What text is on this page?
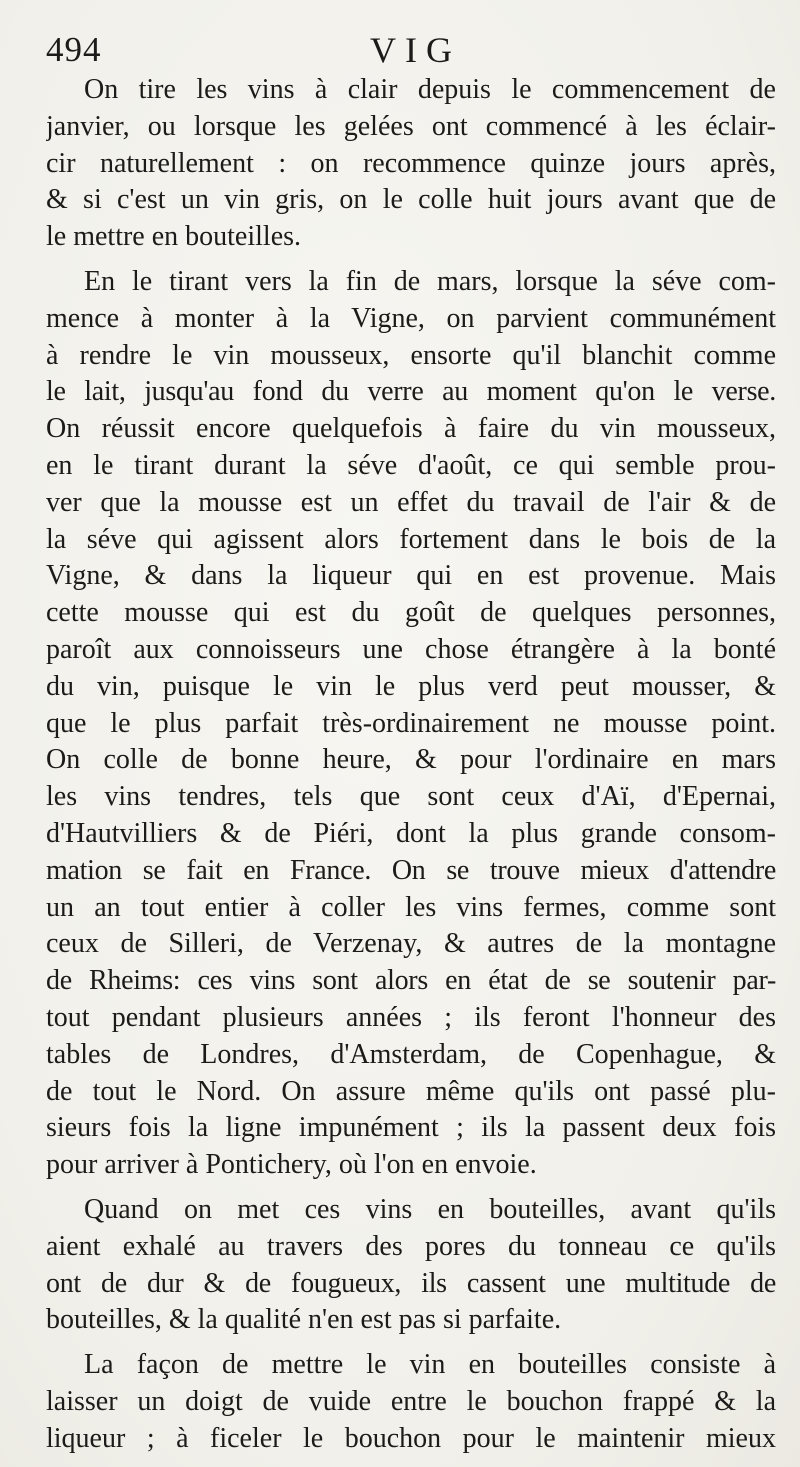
494	VIG

On tire les vins à clair depuis le commencement de
janvier, ou lorsque les gelées ont commencé à les éclair-
cir naturellement : on recommence quinze jours après,
& si c'est un vin gris, on le colle huit jours avant que de
le mettre en bouteilles.

En le tirant vers la fin de mars, lorsque la séve com-
mence à monter à la Vigne, on parvient communément
à rendre le vin mousseux, ensorte qu'il blanchit comme
le lait, jusqu'au fond du verre au moment qu'on le verse.
On réussit encore quelquefois à faire du vin mousseux,
en le tirant durant la séve d'août, ce qui semble prou-
ver que la mousse est un effet du travail de l'air & de
la séve qui agissent alors fortement dans le bois de la
Vigne, & dans la liqueur qui en est provenue. Mais
cette mousse qui est du goût de quelques personnes,
paroît aux connoisseurs une chose étrangère à la bonté
du vin, puisque le vin le plus verd peut mousser, &
que le plus parfait très-ordinairement ne mousse point.
On colle de bonne heure, & pour l'ordinaire en mars
les vins tendres, tels que sont ceux d'Aï, d'Epernai,
d'Hautvilliers & de Piéri, dont la plus grande consom-
mation se fait en France. On se trouve mieux d'attendre
un an tout entier à coller les vins fermes, comme sont
ceux de Silleri, de Verzenay, & autres de la montagne
de Rheims: ces vins sont alors en état de se soutenir par-
tout pendant plusieurs années ; ils feront l'honneur des
tables de Londres, d'Amsterdam, de Copenhague, &
de tout le Nord. On assure même qu'ils ont passé plu-
sieurs fois la ligne impunément ; ils la passent deux fois
pour arriver à Pontichery, où l'on en envoie.

Quand on met ces vins en bouteilles, avant qu'ils
aient exhalé au travers des pores du tonneau ce qu'ils
ont de dur & de fougueux, ils cassent une multitude de
bouteilles, & la qualité n'en est pas si parfaite.

La façon de mettre le vin en bouteilles consiste à
laisser un doigt de vuide entre le bouchon frappé & la
liqueur ; à ficeler le bouchon pour le maintenir mieux
